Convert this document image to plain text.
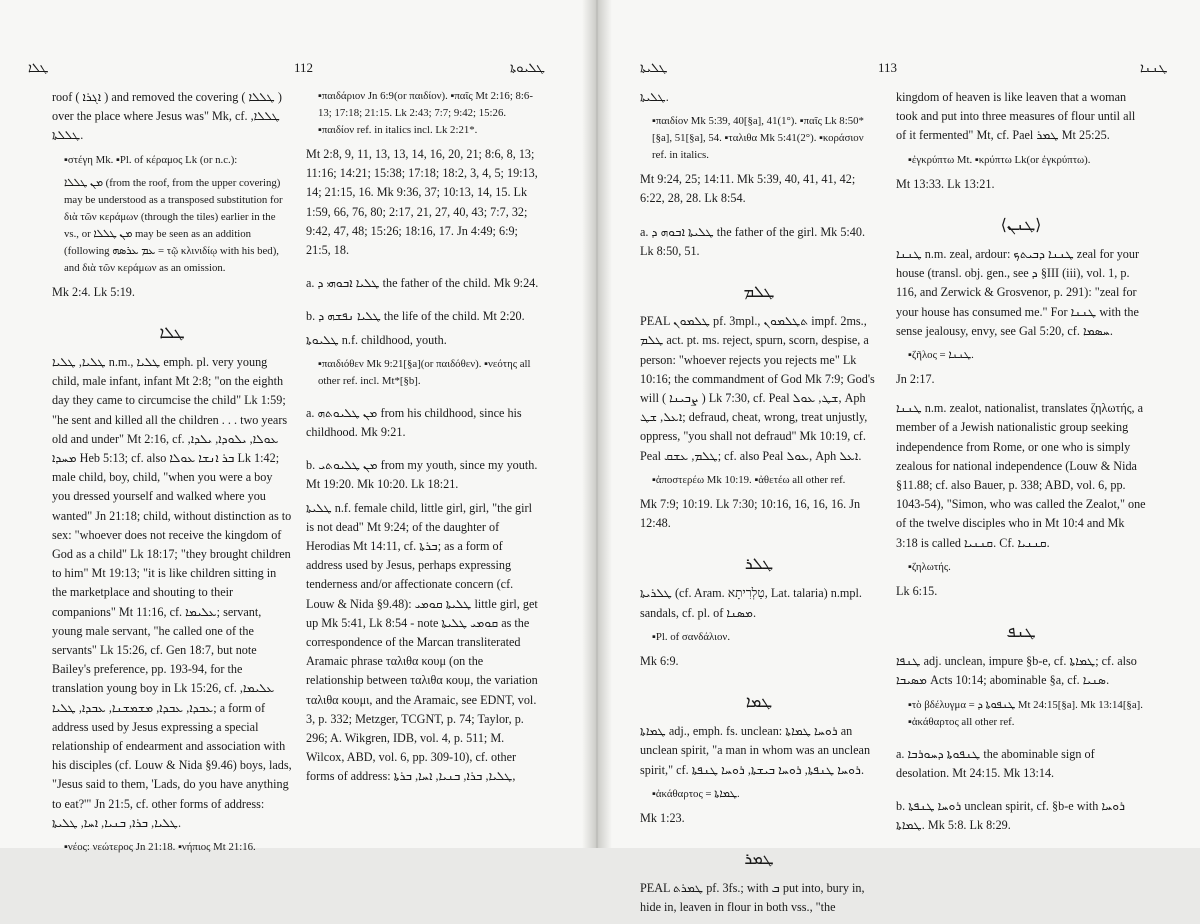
ܛܠܐ	112	ܛܠܝܘܬܐ

roof ( ܐܓܪܐ ) and removed the covering ( ܛܠܠܐ ) over the place where Jesus was" Mk, cf. ܛܠܠܐ, ܛܠܠܬܐ.

▪στέγη Mk. ▪Pl. of κέραμος Lk (or n.c.):

ܡܢ ܛܠܠܐ (from the roof, from the upper covering) may be understood as a transposed substitution for διὰ τῶν κεράμων (through the tiles) earlier in the vs., or ܡܢ ܛܠܠܐ may be seen as an addition (following ܥܡ ܥܪܣܗ = τῷ κλινιδίῳ with his bed), and διὰ τῶν κεράμων as an omission.

Mk 2:4. Lk 5:19.

ܛܠܐ

ܛܠܝܐ, ܛܠܝܐ n.m., ܛܠܝܐ emph. pl. very young child, male infant, infant Mt 2:8; "on the eighth day they came to circumcise the child" Lk 1:59; "he sent and killed all the children . . . two years old and under" Mt 2:16, cf. ܥܘܠܐ, ܝܠܘܕܐ, ܝܠܕܐ, ܡܚܕܐ Heb 5:13; cf. also ܒܪ ܐܢܫܐ ܥܘܠܐ Lk 1:42; male child, boy, child, "when you were a boy you dressed yourself and walked where you wanted" Jn 21:18; child, without distinction as to sex: "whoever does not receive the kingdom of God as a child" Lk 18:17; "they brought children to him" Mt 19:13; "it is like children sitting in the marketplace and shouting to their companions" Mt 11:16, cf. ܥܠܝܡܐ; servant, young male servant, "he called one of the servants" Lk 15:26, cf. Gen 18:7, but note Bailey's preference, pp. 193-94, for the translation young boy in Lk 15:26, cf. ܥܠܝܡܐ, ܥܒܕܐ, ܥܒܕܐ, ܡܫܡܫܢܐ, ܥܒܕܐ, ܛܠܝܐ; a form of address used by Jesus expressing a special relationship of endearment and association with his disciples (cf. Louw & Nida §9.46) boys, lads, "Jesus said to them, 'Lads, do you have anything to eat?'" Jn 21:5, cf. other forms of address: ܛܠܝܐ, ܒܪܐ, ܒܢܝܐ, ܐܚܐ, ܛܠܝܬܐ.

▪νέος: νεώτερος Jn 21:18. ▪νήπιος Mt 21:16.

▪παιδάριον Jn 6:9(or παιδίον). ▪παῖς Mt 2:16; 8:6-13; 17:18; 21:15. Lk 2:43; 7:7; 9:42; 15:26. ▪παιδίον ref. in italics incl. Lk 2:21*.

Mt 2:8, 9, 11, 13, 13, 14, 16, 20, 21; 8:6, 8, 13; 11:16; 14:21; 15:38; 17:18; 18:2, 3, 4, 5; 19:13, 14; 21:15, 16. Mk 9:36, 37; 10:13, 14, 15. Lk 1:59, 66, 76, 80; 2:17, 21, 27, 40, 43; 7:7, 32; 9:42, 47, 48; 15:26; 18:16, 17. Jn 4:49; 6:9; 21:5, 18.

a. ܛܠܝܐ ܐܒܘܗܝ ܕ the father of the child. Mk 9:24.

b. ܛܠܝܐ ܢܦܫܗ ܕ the life of the child. Mt 2:20.

ܛܠܝܘܬܐ n.f. childhood, youth.

▪παιδιόθεν Mk 9:21[§a](or παιδόθεν). ▪νεότης all other ref. incl. Mt*[§b].

a. ܡܢ ܛܠܝܘܬܗ from his childhood, since his childhood. Mk 9:21.

b. ܡܢ ܛܠܝܘܬܝ from my youth, since my youth. Mt 19:20. Mk 10:20. Lk 18:21.

ܛܠܝܬܐ n.f. female child, little girl, girl, "the girl is not dead" Mt 9:24; of the daughter of Herodias Mt 14:11, cf. ܒܪܬܐ; as a form of address used by Jesus, perhaps expressing tenderness and/or affectionate concern (cf. Louw & Nida §9.48): ܛܠܝܬܐ ܩܘܡܝ little girl, get up Mk 5:41, Lk 8:54 - note ܩܘܡܝ ܛܠܝܬܐ as the correspondence of the Marcan transliterated Aramaic phrase ταλιθα κουμ (on the relationship between ταλιθα κουμ, the variation ταλιθα κουμι, and the Aramaic, see EDNT, vol. 3, p. 332; Metzger, TCGNT, p. 74; Taylor, p. 296; A. Wikgren, IDB, vol. 4, p. 511; M. Wilcox, ABD, vol. 6, pp. 309-10), cf. other forms of address: ܛܠܝܐ, ܒܪܐ, ܒܢܝܐ, ܐܚܐ, ܒܪܬܐ,

ܛܠܝܬܐ	113	ܛܢܢܐ

ܛܠܝܬܐ.

▪παιδίον Mk 5:39, 40[§a], 41(1°). ▪παῖς Lk 8:50*[§a], 51[§a], 54. ▪ταλιθα Mk 5:41(2°). ▪κοράσιον ref. in italics.

Mt 9:24, 25; 14:11. Mk 5:39, 40, 41, 41, 42; 6:22, 28, 28. Lk 8:54.

a. ܛܠܝܬܐ ܐܒܘܗ ܕ the father of the girl. Mk 5:40. Lk 8:50, 51.

ܛܠܡ

PEAL ܛܠܡܘܢ pf. 3mpl., ܬܛܠܡܘܢ impf. 2ms., ܛܠܡ act. pt. ms. reject, spurn, scorn, despise, a person: "whoever rejects you rejects me" Lk 10:16; the commandment of God Mk 7:9; God's will ( ܨܒܝܢܐ ) Lk 7:30, cf. Peal ܫܛ, ܥܘܠ, Aph ܐܥܠ, ܫܛ; defraud, cheat, wrong, treat unjustly, oppress, "you shall not defraud" Mk 10:19, cf. Peal ܛܠܡ, ܥܫܩ; cf. also Peal ܥܘܠ, Aph ܐܥܠ.

▪ἀποστερέω Mk 10:19. ▪ἀθετέω all other ref.

Mk 7:9; 10:19. Lk 7:30; 10:16, 16, 16, 16. Jn 12:48.

ܛܠܪ

ܛܠܪܝܬܐ (cf. Aram. טַלְרִיתָא, Lat. talaria) n.mpl. sandals, cf. pl. of ܡܣܢܐ.

▪Pl. of σανδάλιον.

Mk 6:9.

ܛܡܐ

ܛܡܐܬܐ adj., emph. fs. unclean: ܪܘܚܐ ܛܡܐܬܐ an unclean spirit, "a man in whom was an unclean spirit," cf. ܪܘܚܐ ܛܢܦܬܐ, ܪܘܚܐ ܒܝܫܬܐ, ܪܘܚܐ ܛܢܦܬܐ.

▪ἀκάθαρτος = ܛܡܐܬܐ.

Mk 1:23.

ܛܡܪ

PEAL ܛܡܪܬ pf. 3fs.; with ܒ put into, bury in, hide in, leaven in flour in both vss., "the

kingdom of heaven is like leaven that a woman took and put into three measures of flour until all of it fermented" Mt, cf. Pael ܛܡܪ Mt 25:25.

▪ἐγκρύπτω Mt. ▪κρύπτω Lk(or ἐγκρύπτω).

Mt 13:33. Lk 13:21.

⟨ܛܢܢ⟩

ܛܢܢܐ n.m. zeal, ardour: ܛܢܢܐ ܕܒܝܬܟ zeal for your house (transl. obj. gen., see ܕ §III (iii), vol. 1, p. 116, and Zerwick & Grosvenor, p. 291): "zeal for your house has consumed me." For ܛܢܢܐ with the sense jealousy, envy, see Gal 5:20, cf. ܚܣܡܐ.

▪ζῆλος = ܛܢܢܐ.

Jn 2:17.

ܛܢܢܐ n.m. zealot, nationalist, translates ζηλωτής, a member of a Jewish nationalistic group seeking independence from Rome, or one who is simply zealous for national independence (Louw & Nida §11.88; cf. also Bauer, p. 338; ABD, vol. 6, pp. 1043-54), "Simon, who was called the Zealot," one of the twelve disciples who in Mt 10:4 and Mk 3:18 is called ܩܢܢܝܐ. Cf. ܩܢܢܝܐ.

▪ζηλωτής.

Lk 6:15.

ܛܢܦ

ܛܢܦܐ adj. unclean, impure §b-e, cf. ܛܡܐܬܐ; cf. also ܡܣܝܒܐ Acts 10:14; abominable §a, cf. ܣܢܝܐ.

▪τὸ βδέλυγμα = ܛܢܦܘܬܐ ܕ Mt 24:15[§a]. Mk 13:14[§a]. ▪ἀκάθαρτος all other ref.

a. ܛܢܦܘܬܐ ܕܚܘܪܒܐ the abominable sign of desolation. Mt 24:15. Mk 13:14.

b. ܪܘܚܐ ܛܢܦܬܐ unclean spirit, cf. §b-e with ܪܘܚܐ ܛܡܐܬܐ. Mk 5:8. Lk 8:29.
